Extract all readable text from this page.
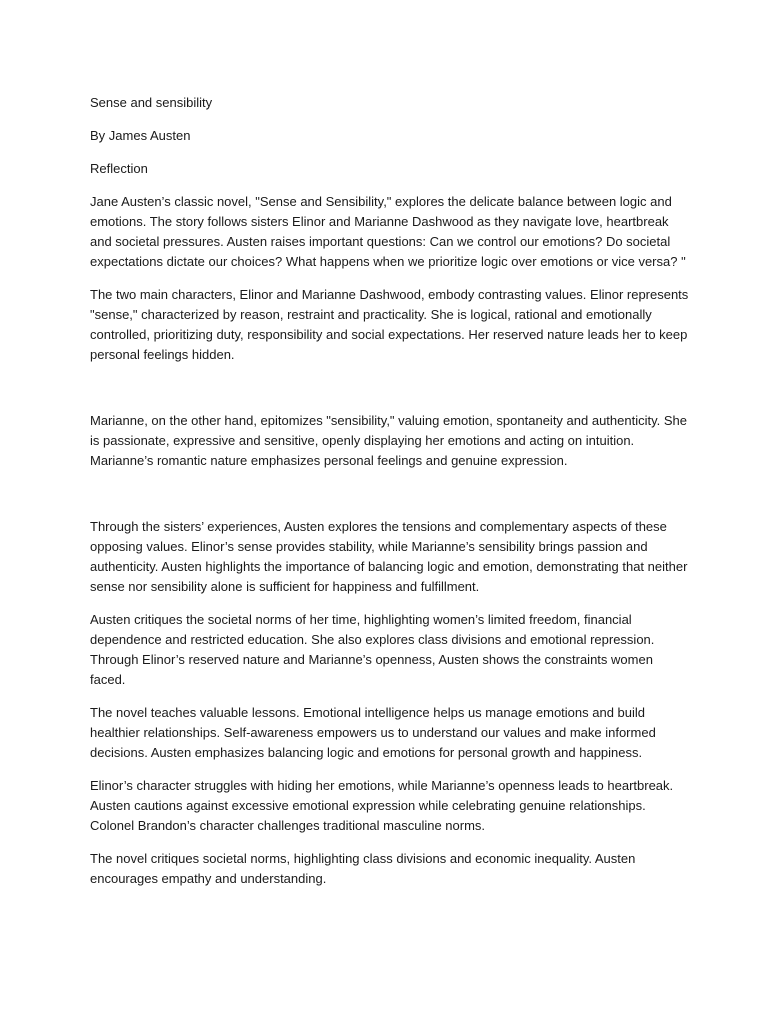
Sense and sensibility

By James Austen

Reflection

Jane Austen’s classic novel, "Sense and Sensibility," explores the delicate balance between logic and emotions. The story follows sisters Elinor and Marianne Dashwood as they navigate love, heartbreak and societal pressures. Austen raises important questions: Can we control our emotions? Do societal expectations dictate our choices? What happens when we prioritize logic over emotions or vice versa? "

The two main characters, Elinor and Marianne Dashwood, embody contrasting values. Elinor represents "sense," characterized by reason, restraint and practicality. She is logical, rational and emotionally controlled, prioritizing duty, responsibility and social expectations. Her reserved nature leads her to keep personal feelings hidden.

Marianne, on the other hand, epitomizes "sensibility," valuing emotion, spontaneity and authenticity. She is passionate, expressive and sensitive, openly displaying her emotions and acting on intuition. Marianne’s romantic nature emphasizes personal feelings and genuine expression.

Through the sisters’ experiences, Austen explores the tensions and complementary aspects of these opposing values. Elinor’s sense provides stability, while Marianne’s sensibility brings passion and authenticity. Austen highlights the importance of balancing logic and emotion, demonstrating that neither sense nor sensibility alone is sufficient for happiness and fulfillment.

Austen critiques the societal norms of her time, highlighting women’s limited freedom, financial dependence and restricted education. She also explores class divisions and emotional repression. Through Elinor’s reserved nature and Marianne’s openness, Austen shows the constraints women faced.

The novel teaches valuable lessons. Emotional intelligence helps us manage emotions and build healthier relationships. Self-awareness empowers us to understand our values and make informed decisions. Austen emphasizes balancing logic and emotions for personal growth and happiness.

Elinor’s character struggles with hiding her emotions, while Marianne’s openness leads to heartbreak. Austen cautions against excessive emotional expression while celebrating genuine relationships. Colonel Brandon’s character challenges traditional masculine norms.

The novel critiques societal norms, highlighting class divisions and economic inequality. Austen encourages empathy and understanding.
